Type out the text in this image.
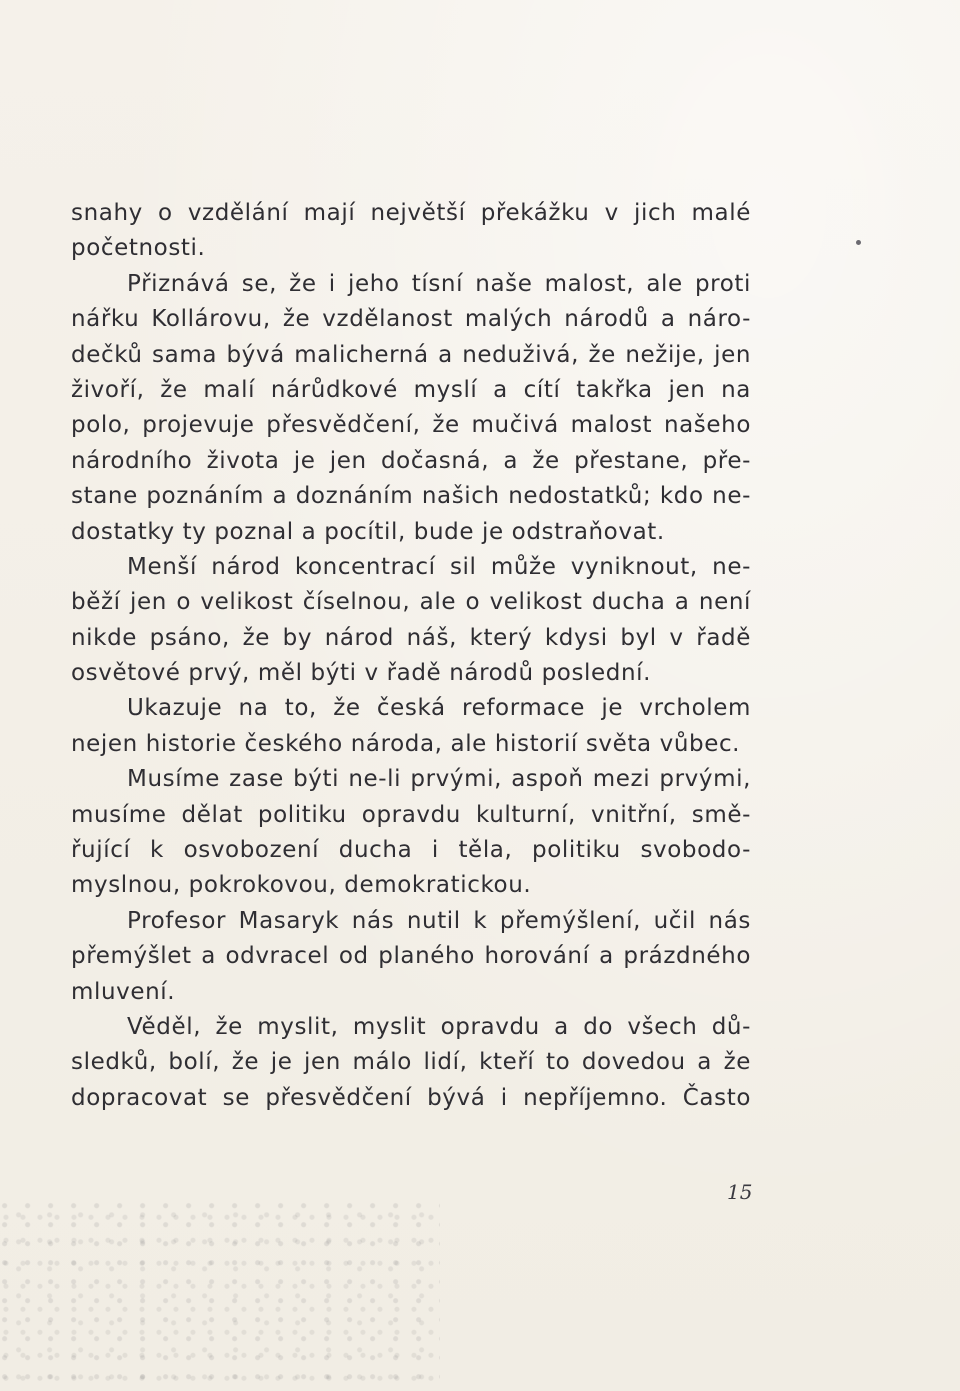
snahy o vzdělání mají největší překážku v jich malé
početnosti.
Přiznává se, že i jeho tísní naše malost, ale proti
nářku Kollárovu, že vzdělanost malých národů a náro-
dečků sama bývá malicherná a neduživá, že nežije, jen
živoří, že malí nárůdkové myslí a cítí takřka jen na
polo, projevuje přesvědčení, že mučivá malost našeho
národního života je jen dočasná, a že přestane, pře-
stane poznáním a doznáním našich nedostatků; kdo ne-
dostatky ty poznal a pocítil, bude je odstraňovat.
Menší národ koncentrací sil může vyniknout, ne-
běží jen o velikost číselnou, ale o velikost ducha a není
nikde psáno, že by národ náš, který kdysi byl v řadě
osvětové prvý, měl býti v řadě národů poslední.
Ukazuje na to, že česká reformace je vrcholem
nejen historie českého národa, ale historií světa vůbec.
Musíme zase býti ne-li prvými, aspoň mezi prvými,
musíme dělat politiku opravdu kulturní, vnitřní, smě-
řující k osvobození ducha i těla, politiku svobodo-
myslnou, pokrokovou, demokratickou.
Profesor Masaryk nás nutil k přemýšlení, učil nás
přemýšlet a odvracel od planého horování a prázdného
mluvení.
Věděl, že myslit, myslit opravdu a do všech dů-
sledků, bolí, že je jen málo lidí, kteří to dovedou a že
dopracovat se přesvědčení bývá i nepříjemno. Často
15
